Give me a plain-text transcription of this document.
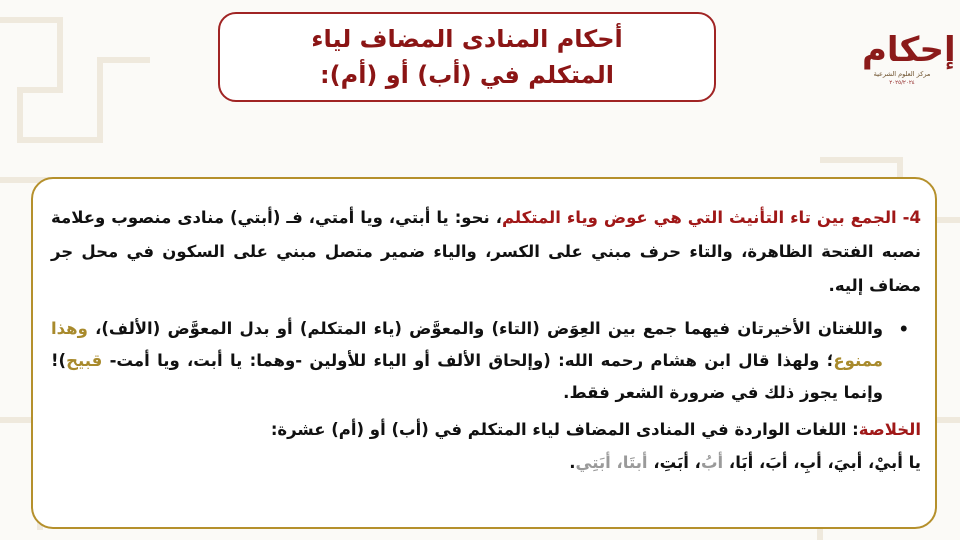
إحكام
مركز العلوم الشرعية
٢٠٢٥/٢٠٢٤
أحكام المنادى المضاف لياء
المتكلم في (أب) أو (أم):
4- الجمع بين تاء التأنيث التي هي عوض وياء المتكلم، نحو: يا أبتي، ويا أمتي، فـ (أبتي) منادى منصوب وعلامة نصبه الفتحة الظاهرة، والتاء حرف مبني على الكسر، والياء ضمير متصل مبني على السكون في محل جر مضاف إليه.
•
واللغتان الأخيرتان فيهما جمع بين العِوَض (التاء) والمعوَّض (ياء المتكلم) أو بدل المعوَّض (الألف)، وهذا ممنوع؛ ولهذا قال ابن هشام رحمه الله: (وإلحاق الألف أو الياء للأولين -وهما: يا أبت، ويا أمت- قبيح)! وإنما يجوز ذلك في ضرورة الشعر فقط.
الخلاصة: اللغات الواردة في المنادى المضاف لياء المتكلم في (أب) أو (أم) عشرة:
يا أبيْ، أبيَ، أبِ، أبَ، أبَا، أبُ، أبَتِ، أبتَا، أبَتِي.
